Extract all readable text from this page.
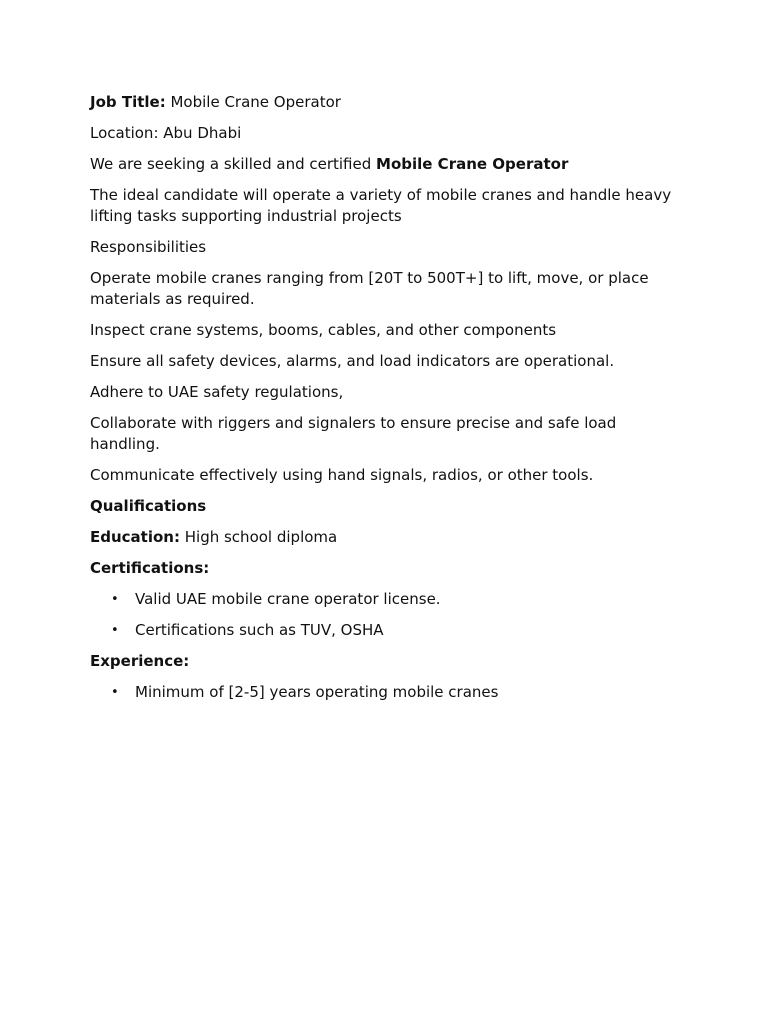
Job Title: Mobile Crane Operator

Location: Abu Dhabi

We are seeking a skilled and certified Mobile Crane Operator

The ideal candidate will operate a variety of mobile cranes and handle heavy lifting tasks supporting industrial projects

Responsibilities

Operate mobile cranes ranging from [20T to 500T+] to lift, move, or place materials as required.

Inspect crane systems, booms, cables, and other components

Ensure all safety devices, alarms, and load indicators are operational.

Adhere to UAE safety regulations,

Collaborate with riggers and signalers to ensure precise and safe load handling.

Communicate effectively using hand signals, radios, or other tools.

Qualifications

Education: High school diploma

Certifications:

• Valid UAE mobile crane operator license.
• Certifications such as TUV, OSHA

Experience:

• Minimum of [2-5] years operating mobile cranes
